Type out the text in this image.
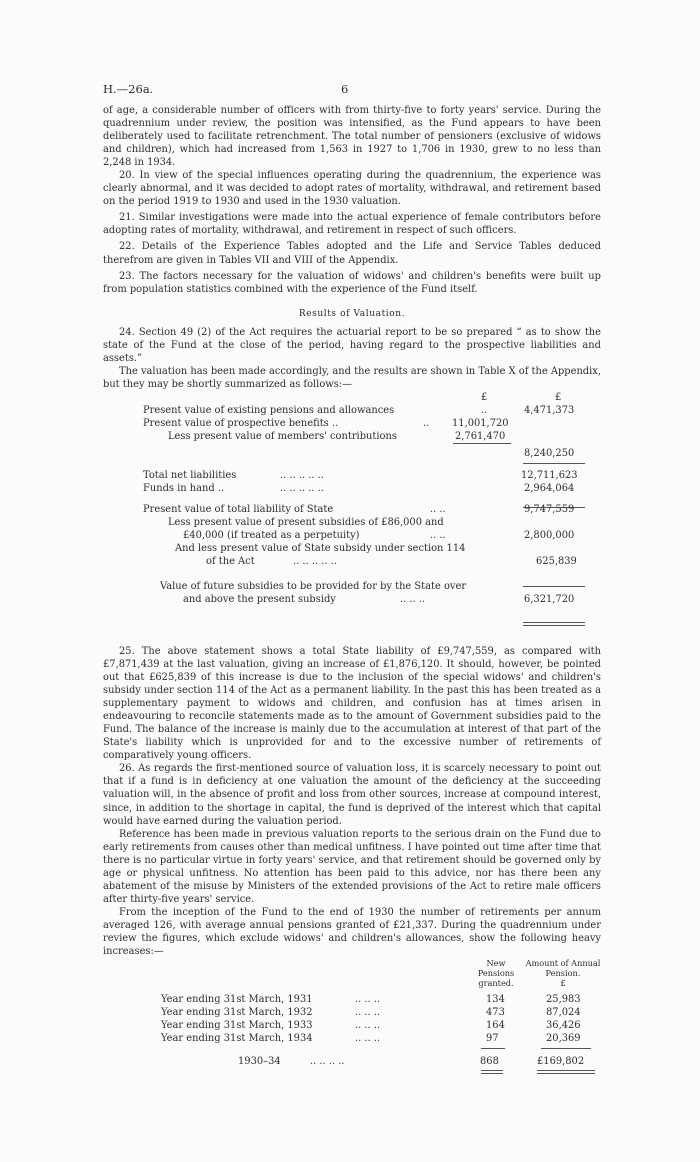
H.—26a.	6

of age, a considerable number of officers with from thirty-five to forty years' service. During the quadrennium under review, the position was intensified, as the Fund appears to have been deliberately used to facilitate retrenchment. The total number of pensioners (exclusive of widows and children), which had increased from 1,563 in 1927 to 1,706 in 1930, grew to no less than 2,248 in 1934.

20. In view of the special influences operating during the quadrennium, the experience was clearly abnormal, and it was decided to adopt rates of mortality, withdrawal, and retirement based on the period 1919 to 1930 and used in the 1930 valuation.

21. Similar investigations were made into the actual experience of female contributors before adopting rates of mortality, withdrawal, and retirement in respect of such officers.

22. Details of the Experience Tables adopted and the Life and Service Tables deduced therefrom are given in Tables VII and VIII of the Appendix.

23. The factors necessary for the valuation of widows' and children's benefits were built up from population statistics combined with the experience of the Fund itself.

Results of Valuation.

24. Section 49 (2) of the Act requires the actuarial report to be so prepared “ as to show the state of the Fund at the close of the period, having regard to the prospective liabilities and assets.”

The valuation has been made accordingly, and the results are shown in Table X of the Appendix, but they may be shortly summarized as follows:—

£	£
Present value of existing pensions and allowances	..	4,471,373
Present value of prospective benefits ..	.. 11,001,720
Less present value of members' contributions	2,761,470
8,240,250
Total net liabilities	.. .. .. .. ..	12,711,623
Funds in hand ..	.. .. .. .. ..	2,964,064
Present value of total liability of State	.. ..	9,747,559
Less present value of present subsidies of £86,000 and
£40,000 (if treated as a perpetuity)	.. ..	2,800,000
And less present value of State subsidy under section 114
of the Act	.. .. .. .. ..	625,839
Value of future subsidies to be provided for by the State over
and above the present subsidy	.. .. ..	6,321,720

25. The above statement shows a total State liability of £9,747,559, as compared with £7,871,439 at the last valuation, giving an increase of £1,876,120. It should, however, be pointed out that £625,839 of this increase is due to the inclusion of the special widows' and children's subsidy under section 114 of the Act as a permanent liability. In the past this has been treated as a supplementary payment to widows and children, and confusion has at times arisen in endeavouring to reconcile statements made as to the amount of Government subsidies paid to the Fund. The balance of the increase is mainly due to the accumulation at interest of that part of the State's liability which is unprovided for and to the excessive number of retirements of comparatively young officers.

26. As regards the first-mentioned source of valuation loss, it is scarcely necessary to point out that if a fund is in deficiency at one valuation the amount of the deficiency at the succeeding valuation will, in the absence of profit and loss from other sources, increase at compound interest, since, in addition to the shortage in capital, the fund is deprived of the interest which that capital would have earned during the valuation period.

Reference has been made in previous valuation reports to the serious drain on the Fund due to early retirements from causes other than medical unfitness. I have pointed out time after time that there is no particular virtue in forty years' service, and that retirement should be governed only by age or physical unfitness. No attention has been paid to this advice, nor has there been any abatement of the misuse by Ministers of the extended provisions of the Act to retire male officers after thirty-five years' service.

From the inception of the Fund to the end of 1930 the number of retirements per annum averaged 126, with average annual pensions granted of £21,337. During the quadrennium under review the figures, which exclude widows' and children's allowances, show the following heavy increases:—

New Pensions granted.
Amount of Annual Pension.
£
Year ending 31st March, 1931	.. .. ..	134	25,983
Year ending 31st March, 1932	.. .. ..	473	87,024
Year ending 31st March, 1933	.. .. ..	164	36,426
Year ending 31st March, 1934	.. .. ..	97	20,369
1930–34	.. .. .. ..	868	£169,802
